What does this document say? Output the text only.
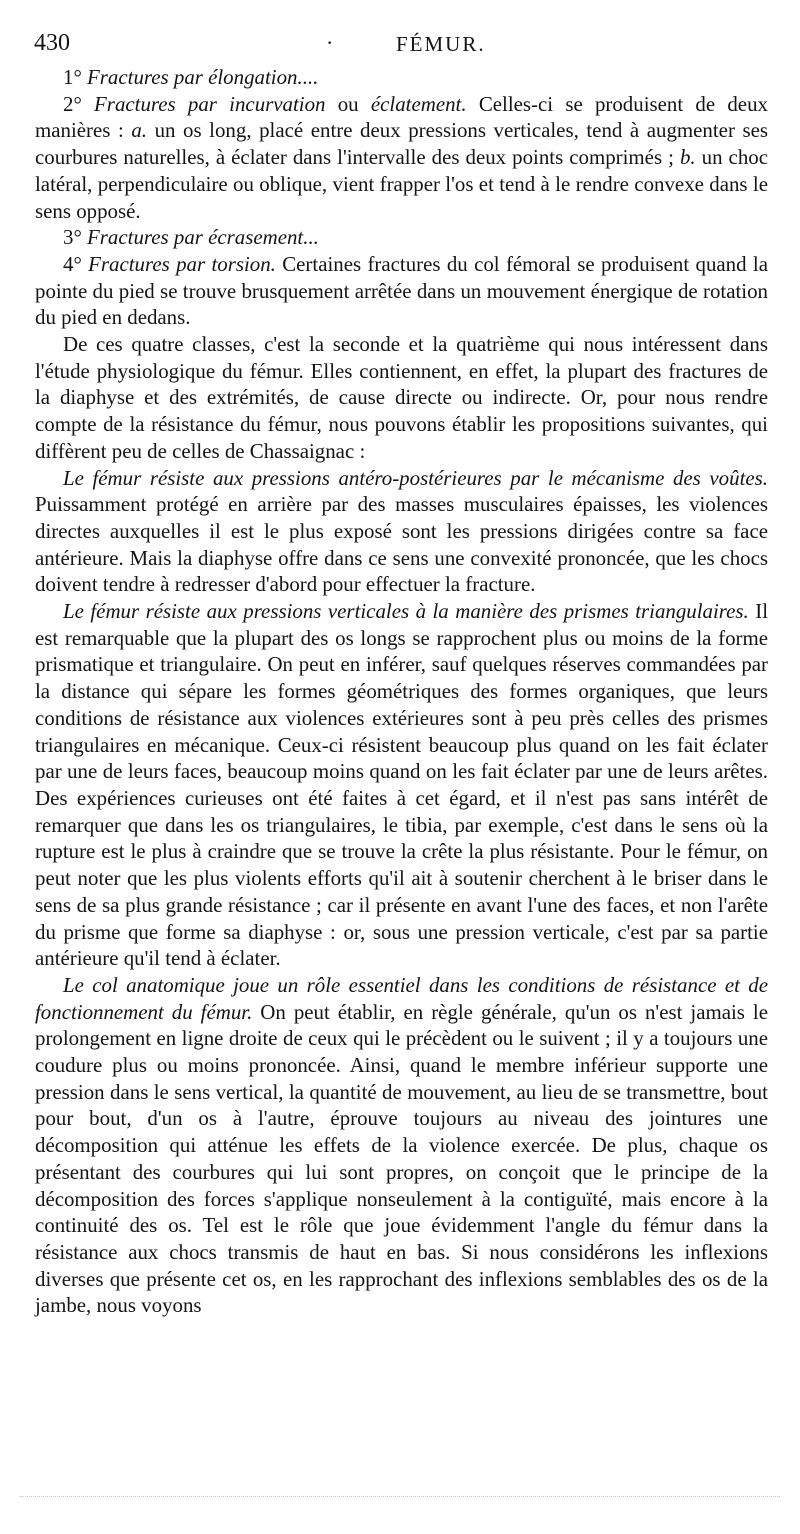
430	·	FÉMUR.

1° Fractures par élongation....

2° Fractures par incurvation ou éclatement. Celles-ci se produisent de deux manières : a. un os long, placé entre deux pressions verticales, tend à augmenter ses courbures naturelles, à éclater dans l'intervalle des deux points comprimés ; b. un choc latéral, perpendiculaire ou oblique, vient frapper l'os et tend à le rendre convexe dans le sens opposé.

3° Fractures par écrasement...

4° Fractures par torsion. Certaines fractures du col fémoral se produisent quand la pointe du pied se trouve brusquement arrêtée dans un mouvement énergique de rotation du pied en dedans.

De ces quatre classes, c'est la seconde et la quatrième qui nous intéressent dans l'étude physiologique du fémur. Elles contiennent, en effet, la plupart des fractures de la diaphyse et des extrémités, de cause directe ou indirecte. Or, pour nous rendre compte de la résistance du fémur, nous pouvons établir les propositions suivantes, qui diffèrent peu de celles de Chassaignac :

Le fémur résiste aux pressions antéro-postérieures par le mécanisme des voûtes. Puissamment protégé en arrière par des masses musculaires épaisses, les violences directes auxquelles il est le plus exposé sont les pressions dirigées contre sa face antérieure. Mais la diaphyse offre dans ce sens une convexité prononcée, que les chocs doivent tendre à redresser d'abord pour effectuer la fracture.

Le fémur résiste aux pressions verticales à la manière des prismes triangulaires. Il est remarquable que la plupart des os longs se rapprochent plus ou moins de la forme prismatique et triangulaire. On peut en inférer, sauf quelques réserves commandées par la distance qui sépare les formes géométriques des formes organiques, que leurs conditions de résistance aux violences extérieures sont à peu près celles des prismes triangulaires en mécanique. Ceux-ci résistent beaucoup plus quand on les fait éclater par une de leurs faces, beaucoup moins quand on les fait éclater par une de leurs arêtes. Des expériences curieuses ont été faites à cet égard, et il n'est pas sans intérêt de remarquer que dans les os triangulaires, le tibia, par exemple, c'est dans le sens où la rupture est le plus à craindre que se trouve la crête la plus résistante. Pour le fémur, on peut noter que les plus violents efforts qu'il ait à soutenir cherchent à le briser dans le sens de sa plus grande résistance ; car il présente en avant l'une des faces, et non l'arête du prisme que forme sa diaphyse : or, sous une pression verticale, c'est par sa partie antérieure qu'il tend à éclater.

Le col anatomique joue un rôle essentiel dans les conditions de résistance et de fonctionnement du fémur. On peut établir, en règle générale, qu'un os n'est jamais le prolongement en ligne droite de ceux qui le précèdent ou le suivent ; il y a toujours une coudure plus ou moins prononcée. Ainsi, quand le membre inférieur supporte une pression dans le sens vertical, la quantité de mouvement, au lieu de se transmettre, bout pour bout, d'un os à l'autre, éprouve toujours au niveau des jointures une décomposition qui atténue les effets de la violence exercée. De plus, chaque os présentant des courbures qui lui sont propres, on conçoit que le principe de la décomposition des forces s'applique nonseulement à la contiguïté, mais encore à la continuité des os. Tel est le rôle que joue évidemment l'angle du fémur dans la résistance aux chocs transmis de haut en bas. Si nous considérons les inflexions diverses que présente cet os, en les rapprochant des inflexions semblables des os de la jambe, nous voyons
